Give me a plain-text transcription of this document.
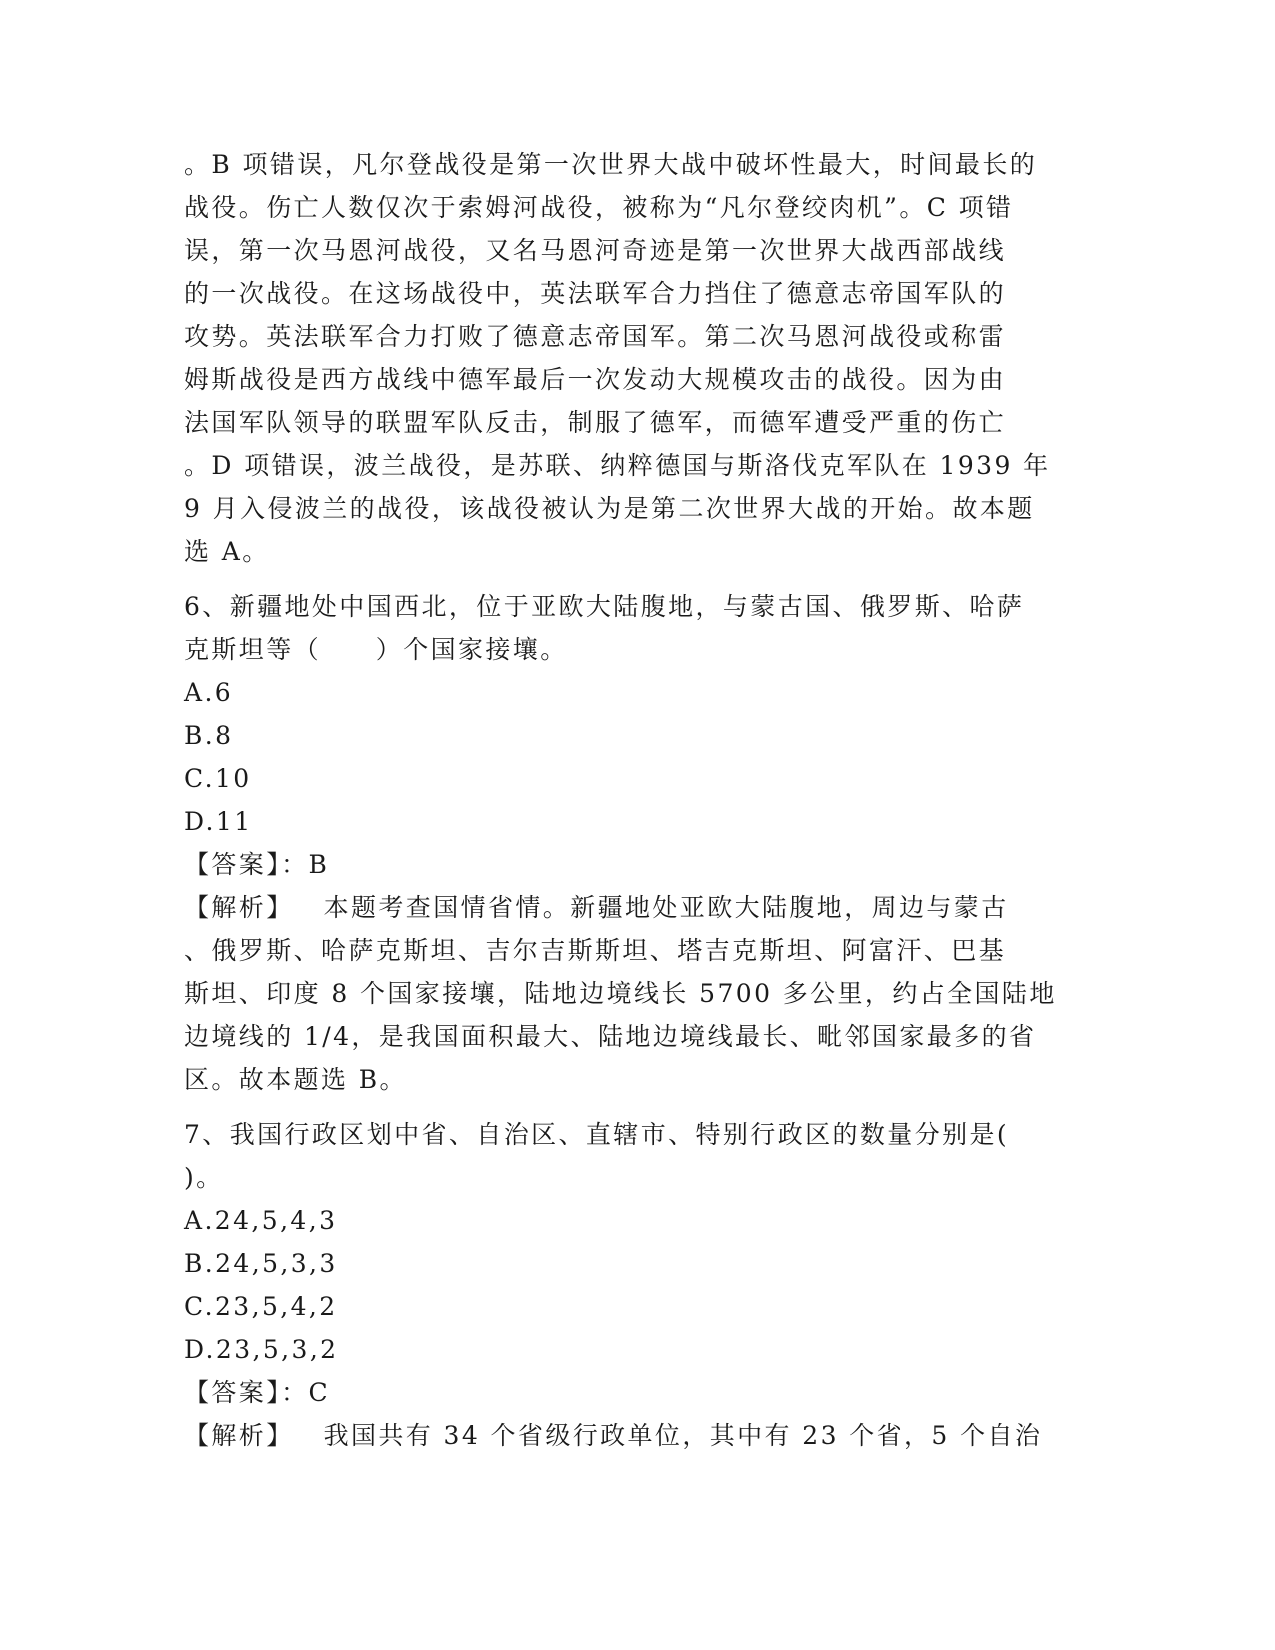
。B 项错误，凡尔登战役是第一次世界大战中破坏性最大，时间最长的
战役。伤亡人数仅次于索姆河战役，被称为“凡尔登绞肉机”。C 项错
误，第一次马恩河战役，又名马恩河奇迹是第一次世界大战西部战线
的一次战役。在这场战役中，英法联军合力挡住了德意志帝国军队的
攻势。英法联军合力打败了德意志帝国军。第二次马恩河战役或称雷
姆斯战役是西方战线中德军最后一次发动大规模攻击的战役。因为由
法国军队领导的联盟军队反击，制服了德军，而德军遭受严重的伤亡
。D 项错误，波兰战役，是苏联、纳粹德国与斯洛伐克军队在 1939 年
9 月入侵波兰的战役，该战役被认为是第二次世界大战的开始。故本题
选 A。
6、新疆地处中国西北，位于亚欧大陆腹地，与蒙古国、俄罗斯、哈萨
克斯坦等（　　）个国家接壤。
A.6
B.8
C.10
D.11
【答案】：B
【解析】 本题考查国情省情。新疆地处亚欧大陆腹地，周边与蒙古
、俄罗斯、哈萨克斯坦、吉尔吉斯斯坦、塔吉克斯坦、阿富汗、巴基
斯坦、印度 8 个国家接壤，陆地边境线长 5700 多公里，约占全国陆地
边境线的 1/4，是我国面积最大、陆地边境线最长、毗邻国家最多的省
区。故本题选 B。
7、我国行政区划中省、自治区、直辖市、特别行政区的数量分别是(
)。
A.24,5,4,3
B.24,5,3,3
C.23,5,4,2
D.23,5,3,2
【答案】：C
【解析】 我国共有 34 个省级行政单位，其中有 23 个省，5 个自治
